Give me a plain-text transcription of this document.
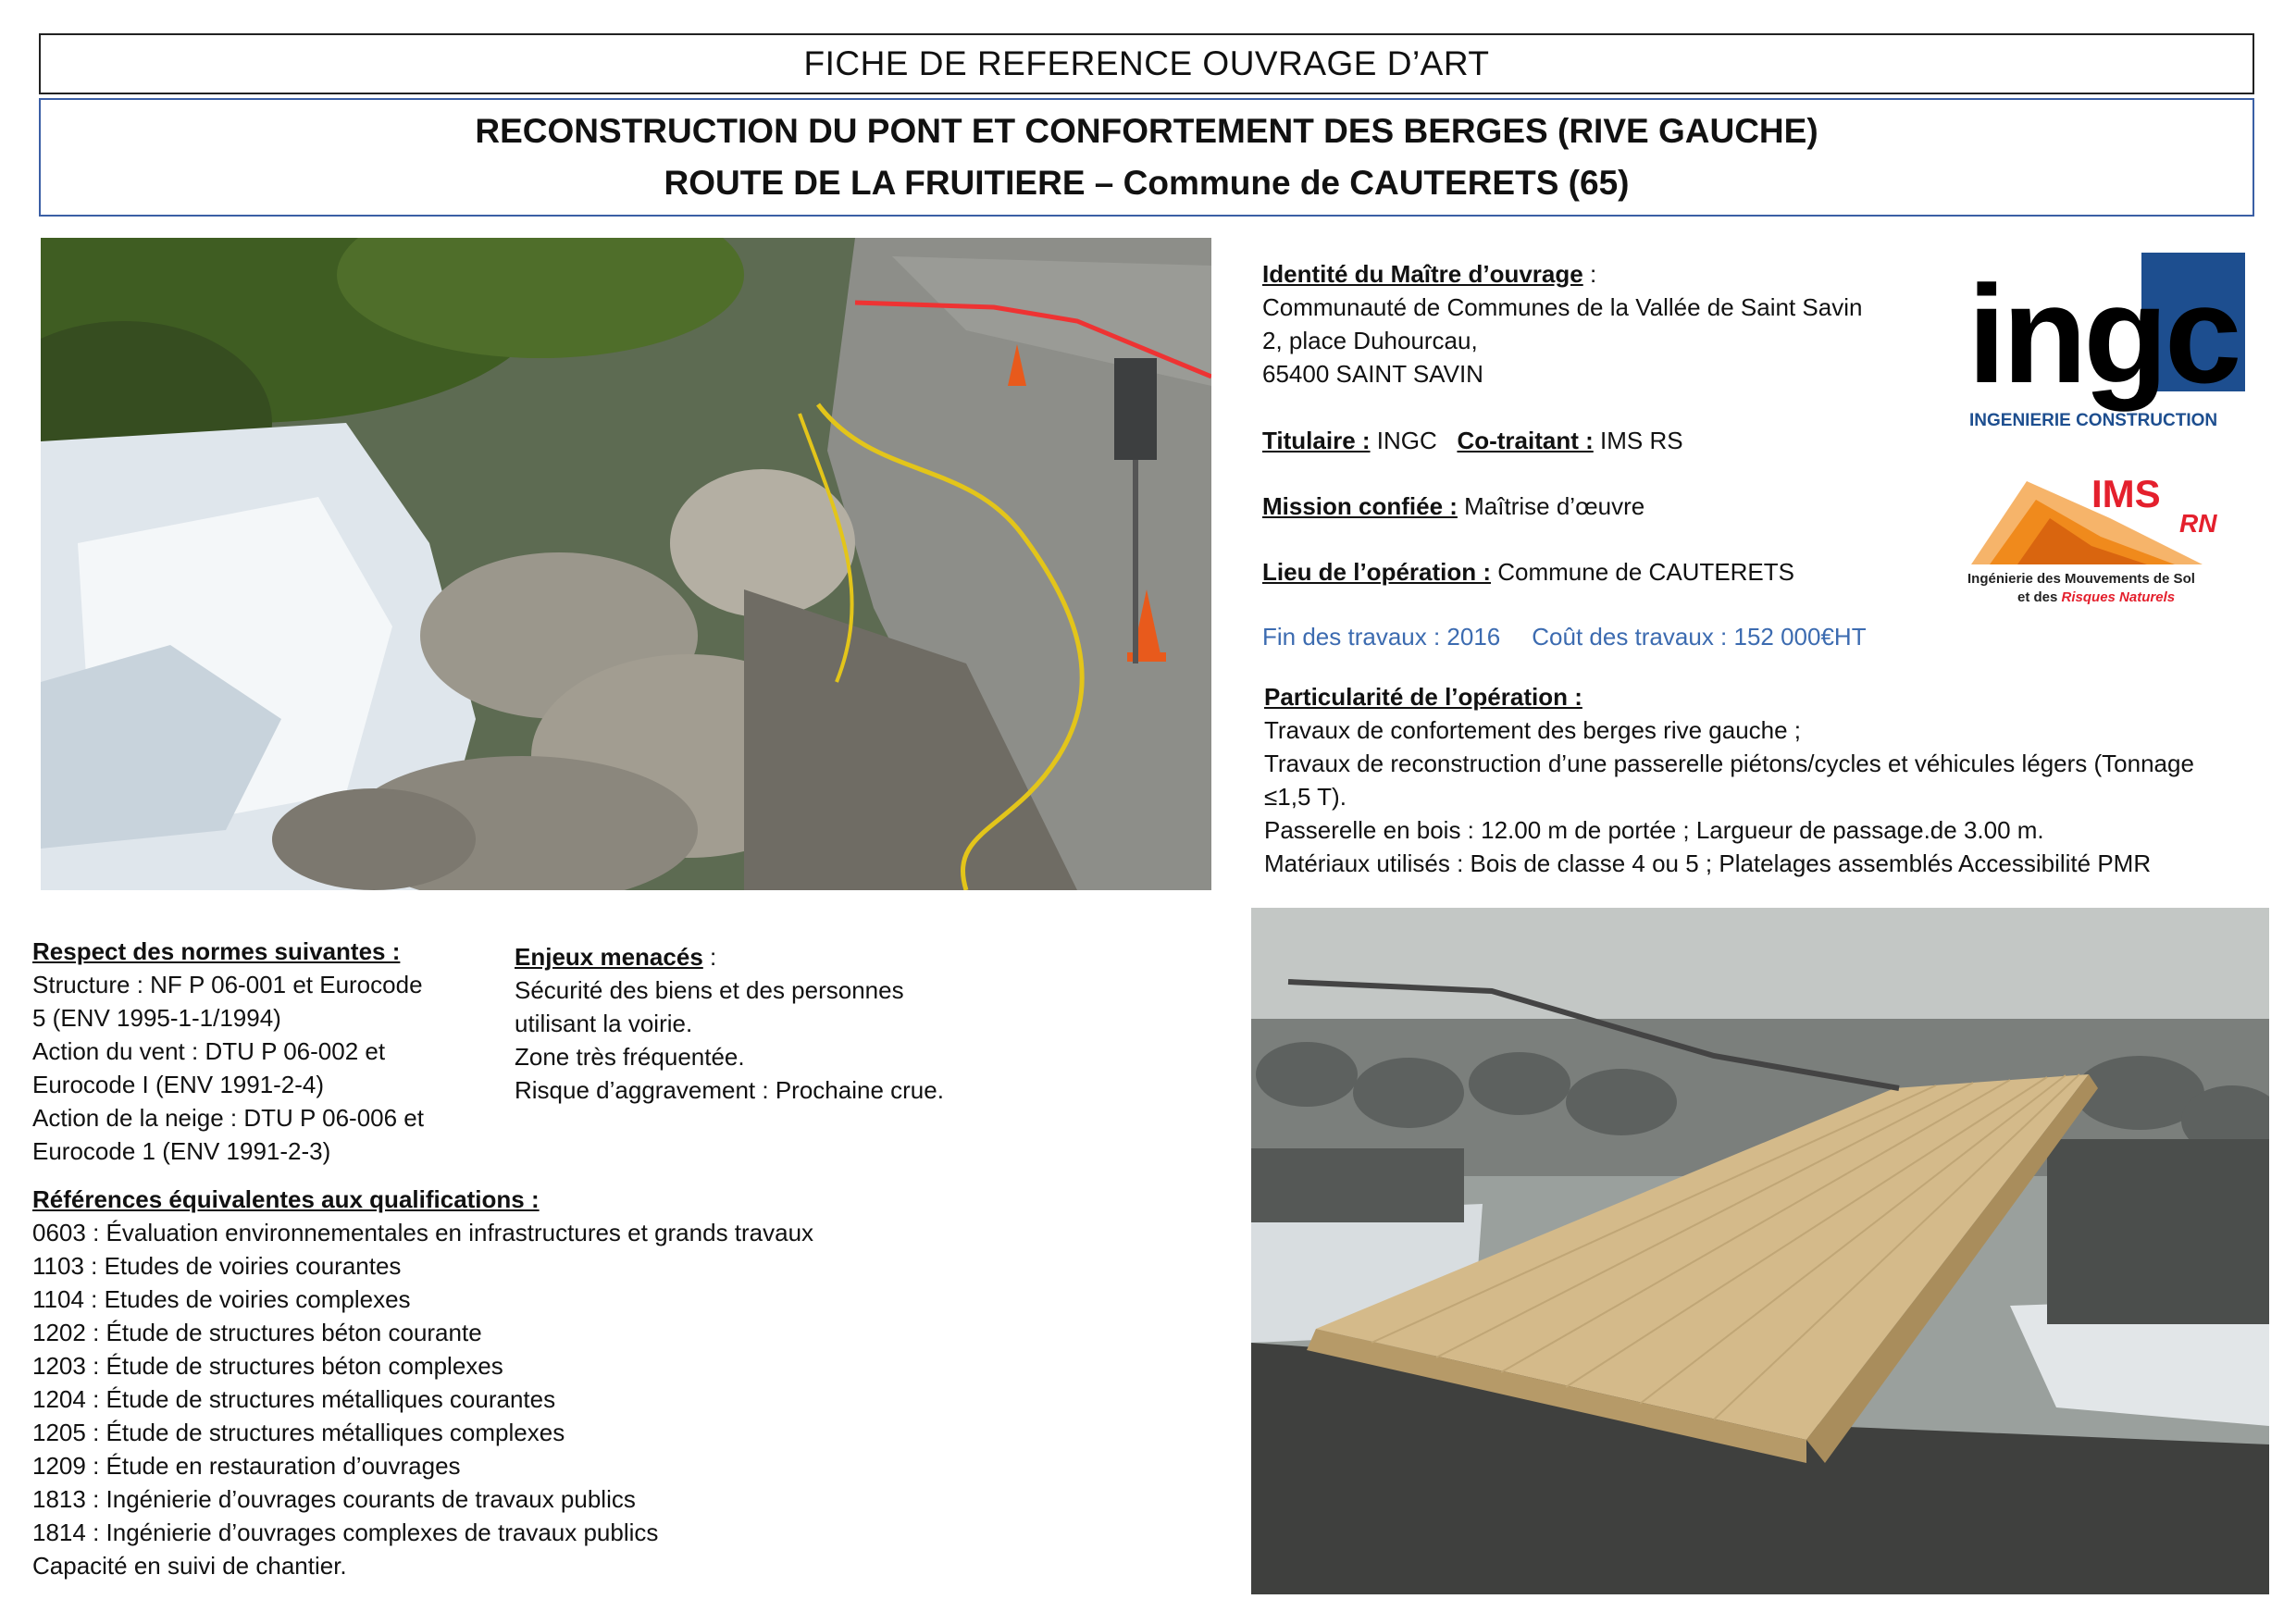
FICHE DE REFERENCE OUVRAGE D’ART
RECONSTRUCTION DU PONT ET CONFORTEMENT DES BERGES (RIVE GAUCHE)
ROUTE DE LA FRUITIERE – Commune de CAUTERETS (65)
ingc
INGENIERIE CONSTRUCTION
IMS
RN
Ingénierie des Mouvements de Sol
et des Risques Naturels
Identité du Maître d’ouvrage :
Communauté de Communes de la Vallée de Saint Savin
2, place Duhourcau,
65400 SAINT SAVIN
Titulaire : INGC   Co-traitant : IMS RS
Mission confiée : Maîtrise d’œuvre
Lieu de l’opération : Commune de CAUTERETS
Fin des travaux : 2016 Coût des travaux : 152 000€HT
Particularité de l’opération :
Travaux de confortement des berges rive gauche ;
Travaux de reconstruction d’une passerelle piétons/cycles et véhicules légers (Tonnage
≤1,5 T).
Passerelle en bois : 12.00 m de portée ; Largueur de passage.de 3.00 m.
Matériaux utilisés : Bois de classe 4 ou 5 ; Platelages assemblés Accessibilité PMR
Respect des normes suivantes :
Structure : NF P 06-001 et Eurocode
5 (ENV 1995-1-1/1994)
Action du vent : DTU P 06-002 et
Eurocode I (ENV 1991-2-4)
Action de la neige : DTU P 06-006 et
Eurocode 1 (ENV 1991-2-3)
Enjeux menacés :
Sécurité des biens et des personnes
utilisant la voirie.
Zone très fréquentée.
Risque d’aggravement : Prochaine crue.
Références équivalentes aux qualifications :
0603 : Évaluation environnementales en infrastructures et grands travaux
1103 : Etudes de voiries courantes
1104 : Etudes de voiries complexes
1202 : Étude de structures béton courante
1203 : Étude de structures béton complexes
1204 : Étude de structures métalliques courantes
1205 : Étude de structures métalliques complexes
1209 : Étude en restauration d’ouvrages
1813 : Ingénierie d’ouvrages courants de travaux publics
1814 : Ingénierie d’ouvrages complexes de travaux publics
Capacité en suivi de chantier.
